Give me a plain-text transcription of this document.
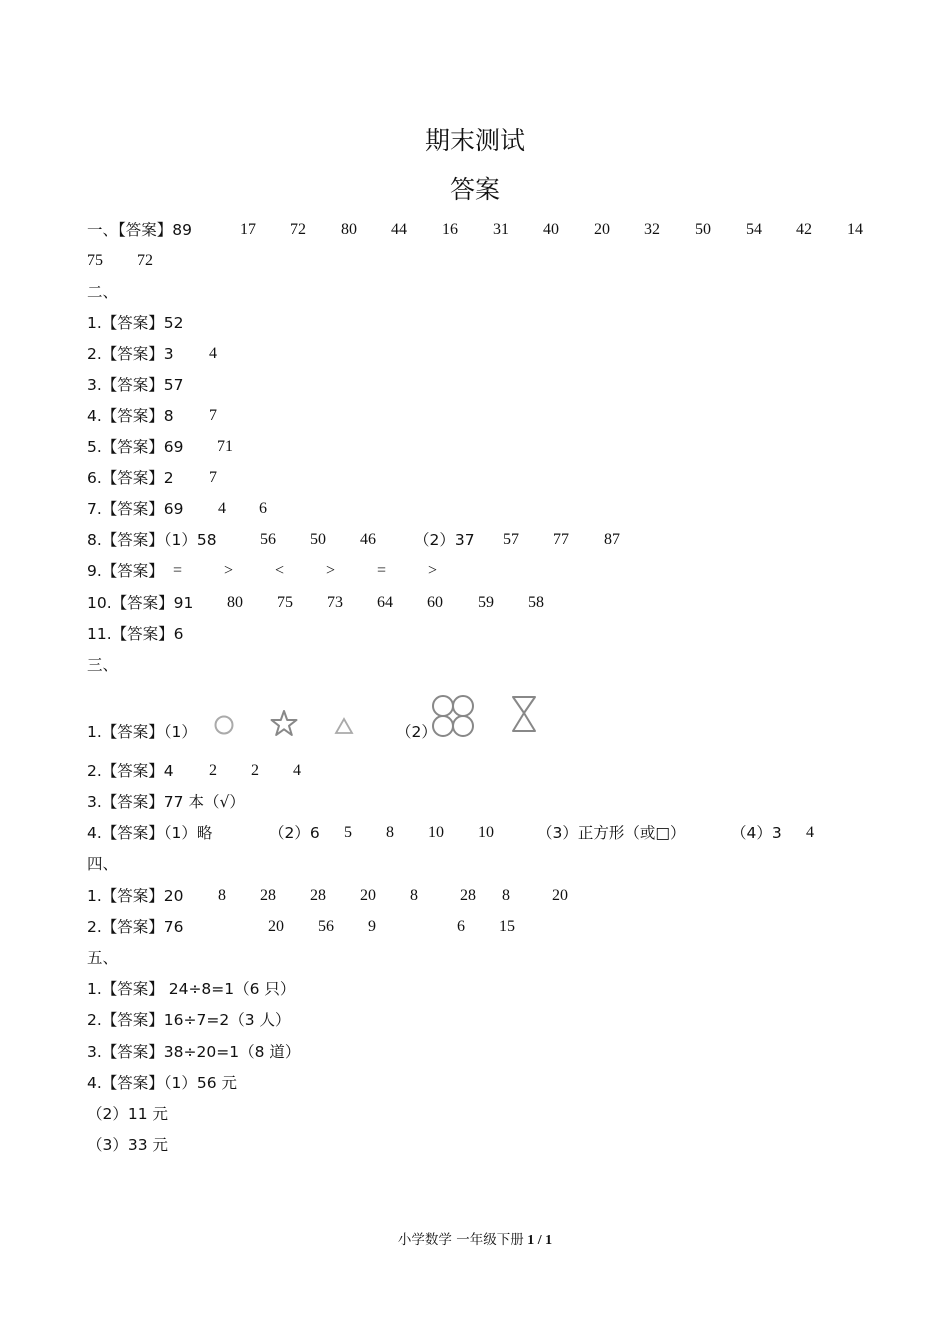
期末测试
答案
一、【答案】89	17 72 80 44 16 31 40 20 32 50 54 42 14
75 72
二、
1.【答案】52
2.【答案】3 4
3.【答案】57
4.【答案】8 7
5.【答案】69 71
6.【答案】2 7
7.【答案】69 4 6
8.【答案】（1）58	56 50 46 （2）37 57 77 87
9.【答案】 =	>	<	>	=	>
10.【答案】91 80 75 73 64 60 59 58
11.【答案】6
三、
1.【答案】（1）	（2）
2.【答案】4 2 2 4
3.【答案】77 本（√）
4.【答案】（1）略	（2）6 5 8 10 10	（3）正方形（或□）	（4）3 4
四、
1.【答案】20 8 28 28 20 8	28 8	20
2.【答案】76	20 56 9	6 15
五、
1.【答案】 24÷8=1（6 只）
2.【答案】16÷7=2（3 人）
3.【答案】38÷20=1（8 道）
4.【答案】（1）56 元
（2）11 元
（3）33 元
小学数学 一年级下册 1 / 1
